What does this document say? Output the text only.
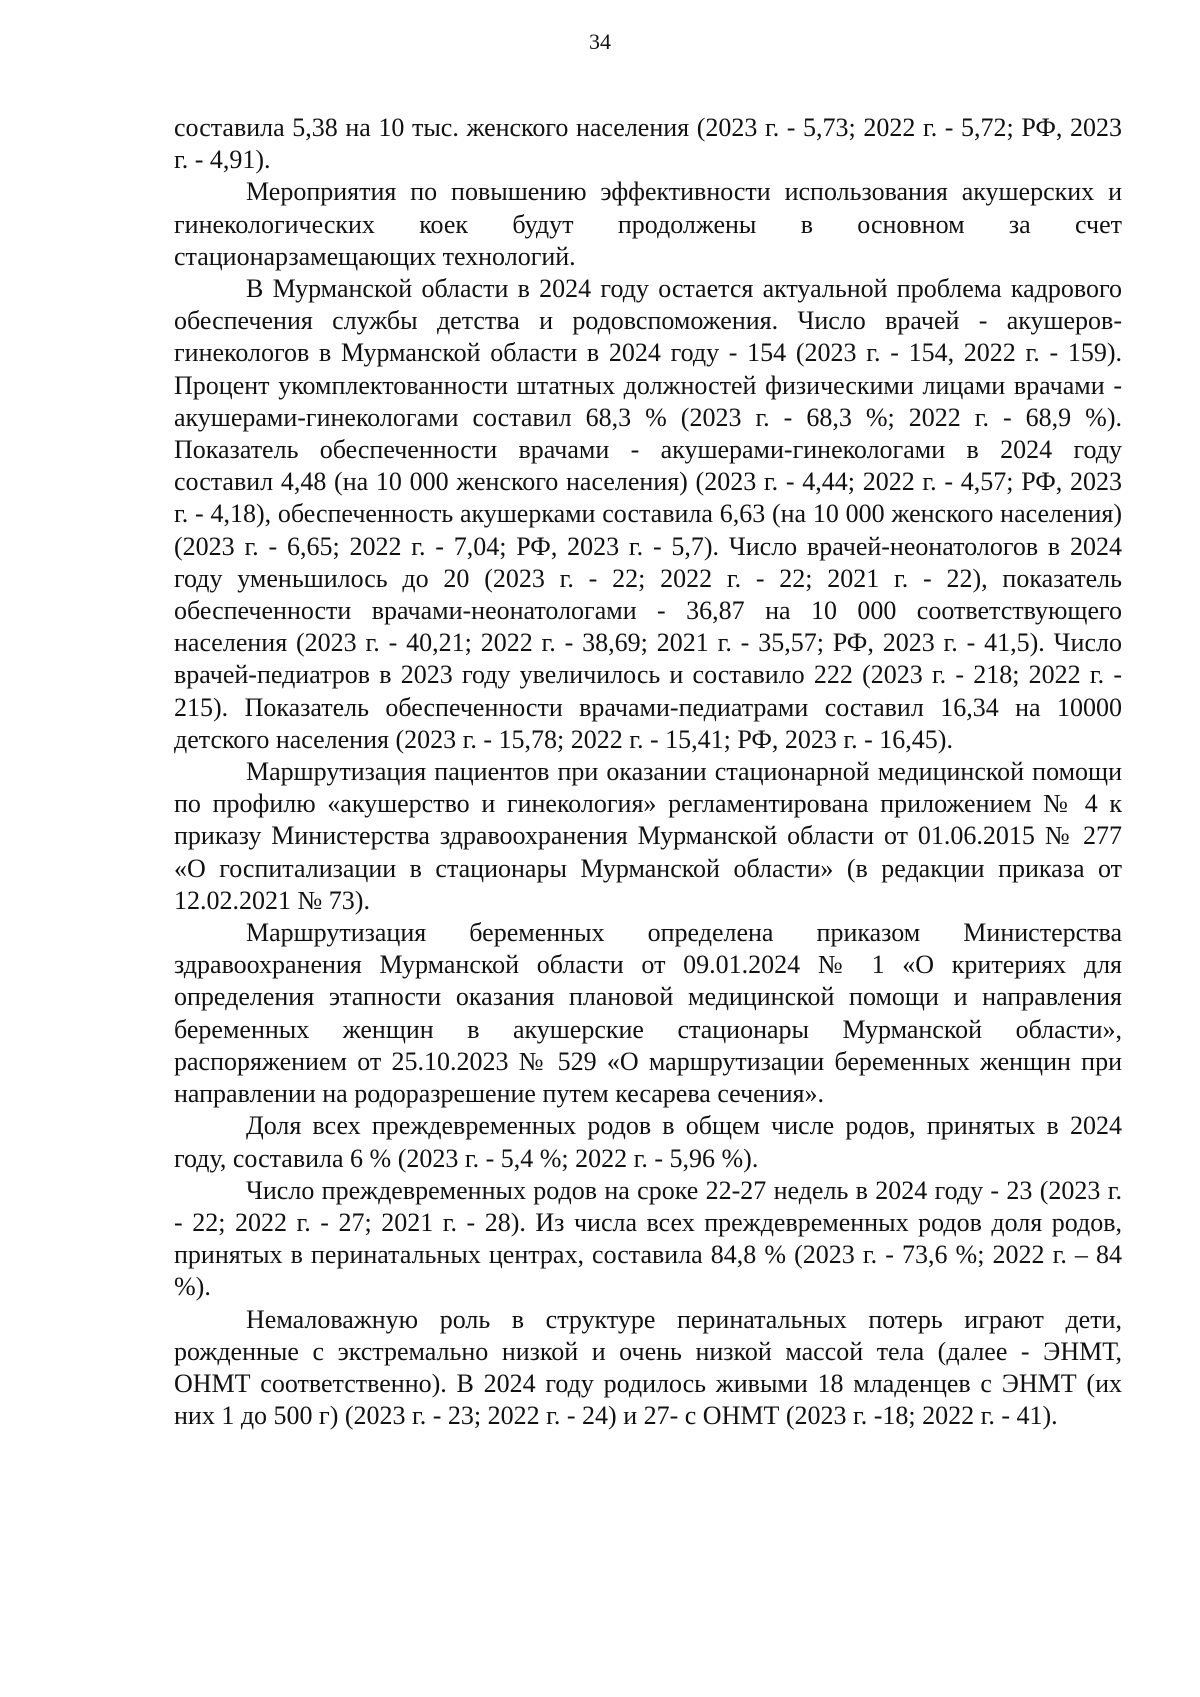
34

составила 5,38 на 10 тыс. женского населения (2023 г. - 5,73; 2022 г. - 5,72; РФ, 2023 г. - 4,91).

Мероприятия по повышению эффективности использования акушерских и гинекологических коек будут продолжены в основном за счет стационарзамещающих технологий.

В Мурманской области в 2024 году остается актуальной проблема кадрового обеспечения службы детства и родовспоможения. Число врачей - акушеров-гинекологов в Мурманской области в 2024 году - 154 (2023 г. - 154, 2022 г. - 159). Процент укомплектованности штатных должностей физическими лицами врачами - акушерами-гинекологами составил 68,3 % (2023 г. - 68,3 %; 2022 г. - 68,9 %). Показатель обеспеченности врачами - акушерами-гинекологами в 2024 году составил 4,48 (на 10 000 женского населения) (2023 г. - 4,44; 2022 г. - 4,57; РФ, 2023 г. - 4,18), обеспеченность акушерками составила 6,63 (на 10 000 женского населения) (2023 г. - 6,65; 2022 г. - 7,04; РФ, 2023 г. - 5,7). Число врачей-неонатологов в 2024 году уменьшилось до 20 (2023 г. - 22; 2022 г. - 22; 2021 г. - 22), показатель обеспеченности врачами-неонатологами - 36,87 на 10 000 соответствующего населения (2023 г. - 40,21; 2022 г. - 38,69; 2021 г. - 35,57; РФ, 2023 г. - 41,5). Число врачей-педиатров в 2023 году увеличилось и составило 222 (2023 г. - 218; 2022 г. - 215). Показатель обеспеченности врачами-педиатрами составил 16,34 на 10000 детского населения (2023 г. - 15,78; 2022 г. - 15,41; РФ, 2023 г. - 16,45).

Маршрутизация пациентов при оказании стационарной медицинской помощи по профилю «акушерство и гинекология» регламентирована приложением № 4 к приказу Министерства здравоохранения Мурманской области от 01.06.2015 № 277 «О госпитализации в стационары Мурманской области» (в редакции приказа от 12.02.2021 № 73).

Маршрутизация беременных определена приказом Министерства здравоохранения Мурманской области от 09.01.2024 № 1 «О критериях для определения этапности оказания плановой медицинской помощи и направления беременных женщин в акушерские стационары Мурманской области», распоряжением от 25.10.2023 № 529 «О маршрутизации беременных женщин при направлении на родоразрешение путем кесарева сечения».

Доля всех преждевременных родов в общем числе родов, принятых в 2024 году, составила 6 % (2023 г. - 5,4 %; 2022 г. - 5,96 %).

Число преждевременных родов на сроке 22-27 недель в 2024 году - 23 (2023 г. - 22; 2022 г. - 27; 2021 г. - 28). Из числа всех преждевременных родов доля родов, принятых в перинатальных центрах, составила 84,8 % (2023 г. - 73,6 %; 2022 г. – 84 %).

Немаловажную роль в структуре перинатальных потерь играют дети, рожденные с экстремально низкой и очень низкой массой тела (далее - ЭНМТ, ОНМТ соответственно). В 2024 году родилось живыми 18 младенцев с ЭНМТ (их них 1 до 500 г) (2023 г. - 23; 2022 г. - 24) и 27- с ОНМТ (2023 г. -18; 2022 г. - 41).
